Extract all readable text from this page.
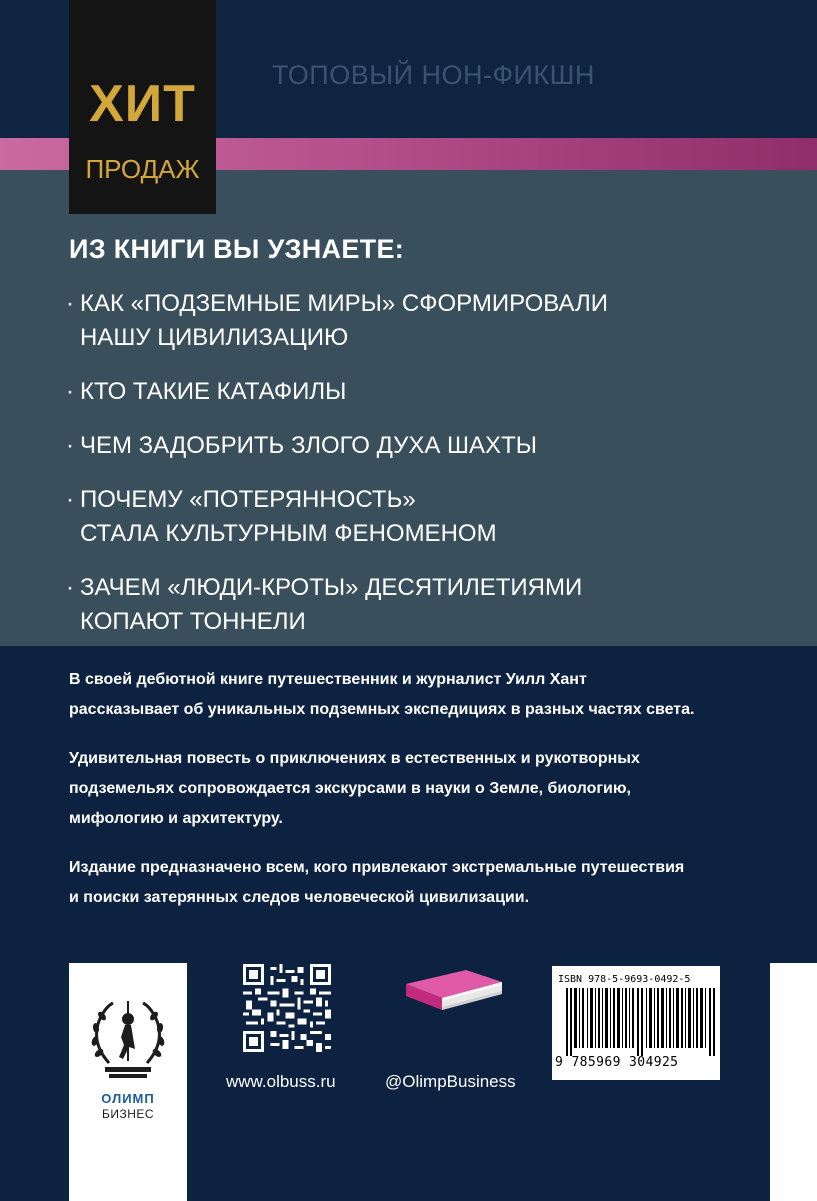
ТОПОВЫЙ НОН-ФИКШН
ХИТ
ПРОДАЖ
ИЗ КНИГИ ВЫ УЗНАЕТЕ:
· КАК «ПОДЗЕМНЫЕ МИРЫ» СФОРМИРОВАЛИ
НАШУ ЦИВИЛИЗАЦИЮ
· КТО ТАКИЕ КАТАФИЛЫ
· ЧЕМ ЗАДОБРИТЬ ЗЛОГО ДУХА ШАХТЫ
· ПОЧЕМУ «ПОТЕРЯННОСТЬ»
СТАЛА КУЛЬТУРНЫМ ФЕНОМЕНОМ
· ЗАЧЕМ «ЛЮДИ-КРОТЫ» ДЕСЯТИЛЕТИЯМИ
КОПАЮТ ТОННЕЛИ
В своей дебютной книге путешественник и журналист Уилл Хант
рассказывает об уникальных подземных экспедициях в разных частях света.
Удивительная повесть о приключениях в естественных и рукотворных
подземельях сопровождается экскурсами в науки о Земле, биологию,
мифологию и архитектуру.
Издание предназначено всем, кого привлекают экстремальные путешествия
и поиски затерянных следов человеческой цивилизации.
ОЛИМП
БИЗНЕС
www.olbuss.ru	@OlimpBusiness
ISBN 978-5-9693-0492-5
9 785969 304925
